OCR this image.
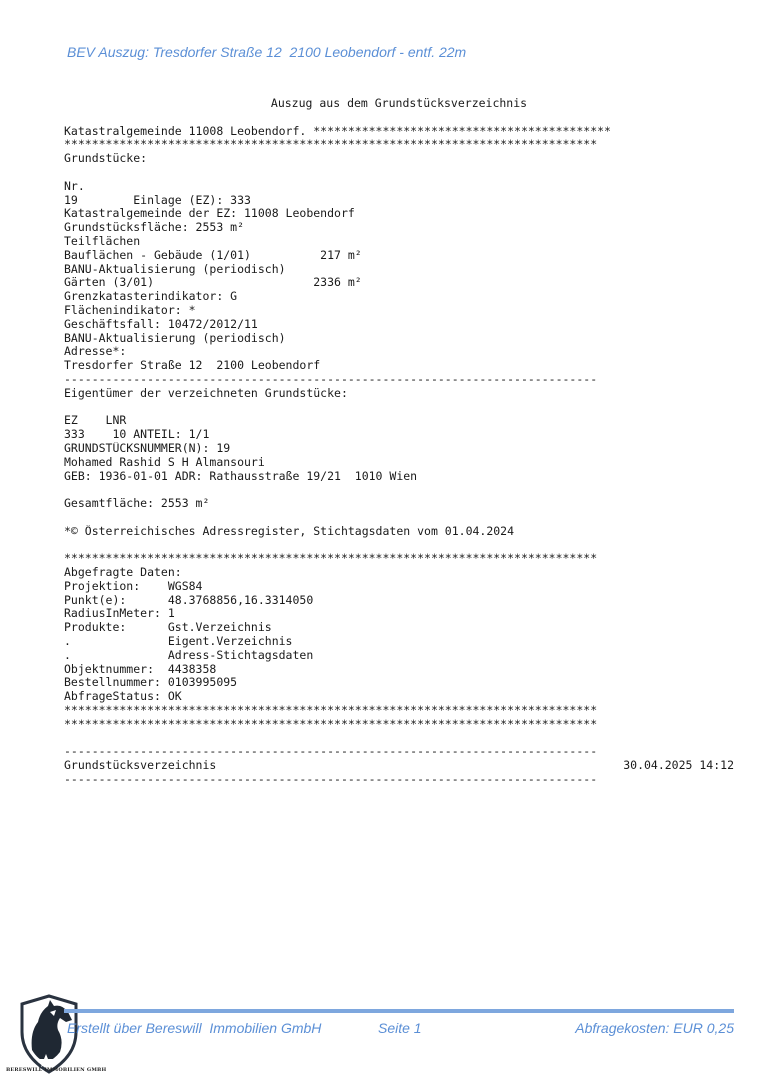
BEV Auszug: Tresdorfer Straße 12  2100 Leobendorf - entf. 22m
Auszug aus dem Grundstücksverzeichnis
Katastralgemeinde 11008 Leobendorf. *******************************************
*****************************************************************************
Grundstücke:
Nr.
19        Einlage (EZ): 333
Katastralgemeinde der EZ: 11008 Leobendorf
Grundstücksfläche: 2553 m²
Teilflächen
Bauflächen - Gebäude (1/01)          217 m²
BANU-Aktualisierung (periodisch)
Gärten (3/01)                       2336 m²
Grenzkatasterindikator: G
Flächenindikator: *
Geschäftsfall: 10472/2012/11
BANU-Aktualisierung (periodisch)
Adresse*:
Tresdorfer Straße 12  2100 Leobendorf
-----------------------------------------------------------------------------
Eigentümer der verzeichneten Grundstücke:
EZ    LNR
333    10 ANTEIL: 1/1
GRUNDSTÜCKSNUMMER(N): 19
Mohamed Rashid S H Almansouri
GEB: 1936-01-01 ADR: Rathausstraße 19/21  1010 Wien
Gesamtfläche: 2553 m²
*© Österreichisches Adressregister, Stichtagsdaten vom 01.04.2024
*****************************************************************************
Abgefragte Daten:
Projektion:    WGS84
Punkt(e):      48.3768856,16.3314050
RadiusInMeter: 1
Produkte:      Gst.Verzeichnis
.              Eigent.Verzeichnis
.              Adress-Stichtagsdaten
Objektnummer:  4438358
Bestellnummer: 0103995095
AbfrageStatus: OK
*****************************************************************************
*****************************************************************************
-----------------------------------------------------------------------------
Grundstücksverzeichnis	30.04.2025 14:12
-----------------------------------------------------------------------------
BERESWILL IMMOBILIEN GMBH
Erstellt über Bereswill  Immobilien GmbH	Seite 1	Abfragekosten: EUR 0,25
